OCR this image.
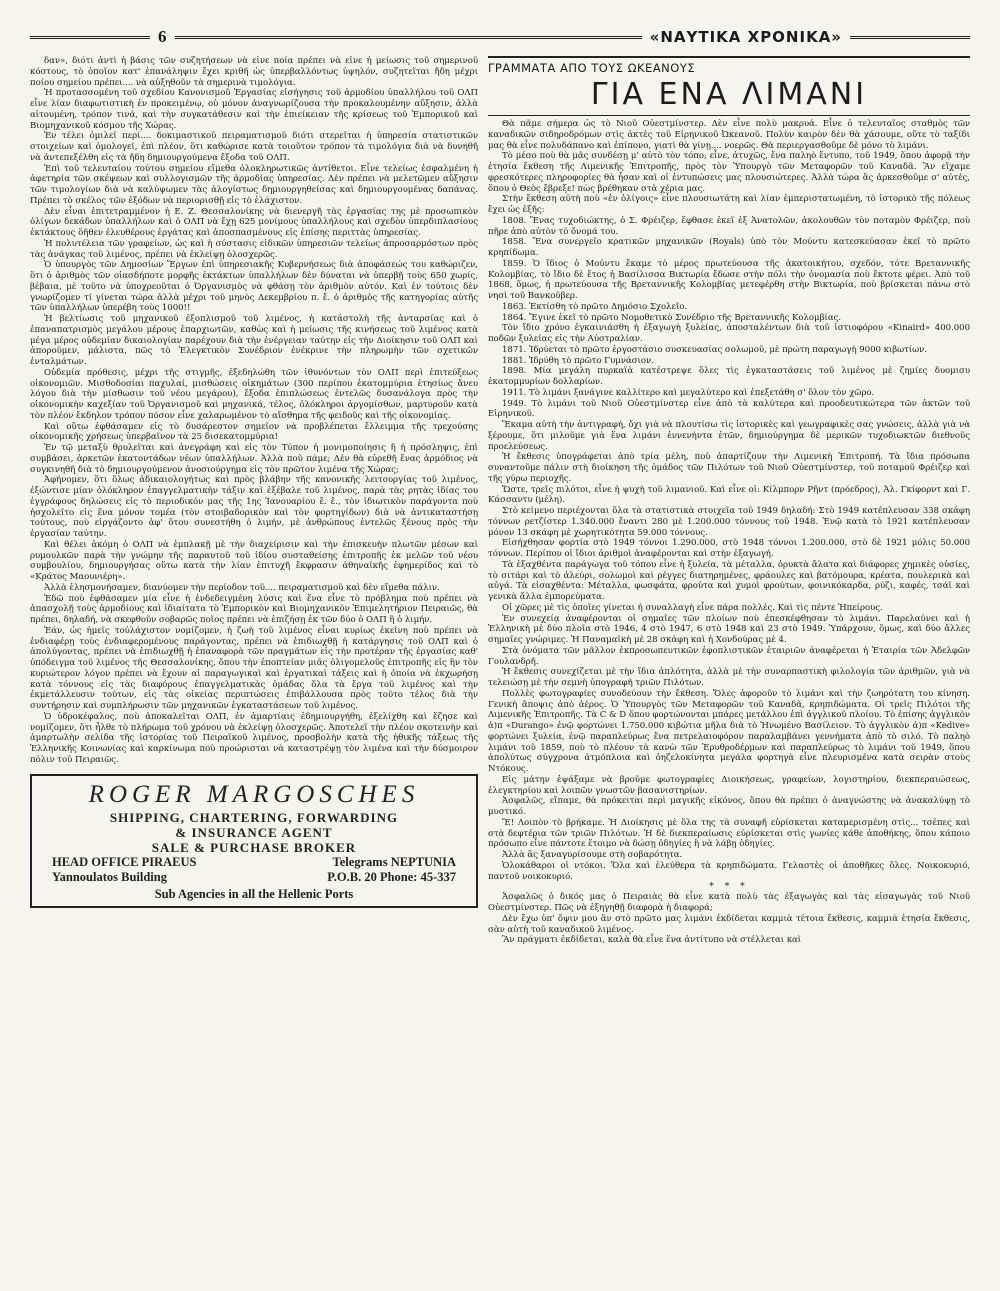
6	«ΝΑΥΤΙΚΑ ΧΡΟΝΙΚΑ»

δαν», διότι ἀντὶ ἡ βάσις τῶν συζητήσεων νὰ εἶνε ποία πρέπει νὰ εἶνε ἡ μείωσις τοῦ σημερινοῦ κόστους, τὸ ὁποῖον κατ' ἐπανάληψιν ἔχει κριθῆ ὡς ὑπερβαλλόντως ὑψηλόν, συζητεῖται ἤδη μέχρι ποίου σημείου πρέπει.... νὰ αὐξηθοῦν τὰ σημερινὰ τιμολόγια.

Ἡ προτασσομένη τοῦ σχεδίου Κανονισμοῦ Ἐργασίας εἰσήγησις τοῦ ἁρμοδίου ὑπαλλήλου τοῦ ΟΛΠ εἶνε λίαν διαφωτιστικὴ ἐν προκειμένῳ, οὐ μόνον ἀναγνωρίζουσα τὴν προκαλουμένην αὔξησιν, ἀλλὰ αἰτουμένη, τρόπον τινά, καὶ τὴν συγκατάθεσιν καὶ τὴν ἐπιείκειαν τῆς κρίσεως τοῦ Ἐμπορικοῦ καὶ Βιομηχανικοῦ κόσμου τῆς Χώρας.

Ἐν τέλει ὁμιλεῖ περί.... δοκιμαστικοῦ πειραματισμοῦ διότι στερεῖται ἡ ὑπηρεσία στατιστικῶν στοιχείων καὶ ὁμολογεῖ, ἐπὶ πλέον, ὅτι καθώρισε κατὰ τοιοῦτον τρόπον τὰ τιμολόγια διὰ νὰ δυνηθῆ νὰ ἀντεπεξέλθη εἰς τὰ ἤδη δημιουργούμενα ἔξοδα τοῦ ΟΛΠ.

Ἐπὶ τοῦ τελευταίου τούτου σημείου εἴμεθα ὁλοκληρωτικῶς ἀντίθετοι. Εἶνε τελείως ἐσφαλμένη ἡ ἀφετηρία τῶν σκέψεων καὶ συλλογισμῶν τῆς ἁρμοδίας ὑπηρεσίας. Δὲν πρέπει νὰ μελετῶμεν αὔξησιν τῶν τιμολογίων διὰ νὰ καλύψωμεν τὰς ἀλογίστως δημιουργηθείσας καὶ δημιουργουμένας δαπάνας. Πρέπει τὸ σκέλος τῶν ἐξόδων νὰ περιορισθῇ εἰς τὸ ἐλάχιστον.

Δὲν εἶναι ἐπιτετραμμένον ἡ Ε. Ζ. Θεσσαλονίκης νὰ διενεργῆ τὰς ἐργασίας της μὲ προσωπικὸν ὀλίγων δεκάδων ὑπαλλήλων καὶ ὁ ΟΛΠ νὰ ἔχῃ 625 μονίμους ὑπαλλήλους καὶ σχεδὸν ὑπερδιπλασίους ἐκτάκτους ὅῆθεν ἐλευθέρους ἐργάτας καὶ ἀποσπασμένους εἰς ἐπίσης περιττὰς ὑπηρεσίας.

Ἡ πολυτέλεια τῶν γραφείων, ὡς καὶ ἡ σύστασις εἰδικῶν ὑπηρεσιῶν τελείως ἀπροσαρμόστων πρὸς τὰς ἀνάγκας τοῦ λιμένος, πρέπει νὰ ἐκλείψῃ ὁλοσχερῶς.

Ὁ ὑπουργὸς τῶν Δημοσίων Ἔργων ἐπὶ ὑπηρεσιακῆς Κυβερνήσεως διὰ ἀποφάσεώς του καθώριζεν, ὅτι ὁ ἀριθμὸς τῶν οἱασδήποτε μορφῆς ἐκτάκτων ὑπαλλήλων δὲν δύναται νὰ ὑπερβῇ τοὺς 650 χωρίς, βέβαια, μὲ τοῦτο νὰ ὑποχρεοῦται ὁ Ὀργανισμὸς νὰ φθάσῃ τὸν ἀριθμὸν αὐτόν. Καὶ ἐν τούτοις δὲν γνωρίζομεν τί γίνεται τώρα ἀλλὰ μέχρι τοῦ μηνὸς Δεκεμβρίου π. ἔ. ὁ ἀριθμὸς τῆς κατηγορίας αὐτῆς τῶν ὑπαλλήλων ὑπερέβη τοὺς 1000!!

Ἡ βελτίωσις τοῦ μηχανικοῦ ἐξοπλισμοῦ τοῦ λιμένος, ἡ κατάστολὴ τῆς ἀνταρσίας καὶ ὁ ἐπαναπατρισμὸς μεγάλου μέρους ἐπαρχιωτῶν, καθὼς καὶ ἡ μείωσις τῆς κινήσεως τοῦ λιμένος κατὰ μέγα μέρος οὐδεμίαν δικαιολογίαν παρέχουν διὰ τὴν ἐνέργειαν ταύτην εἰς τὴν Διοίκησιν τοῦ ΟΛΠ καὶ ἀποροῦμεν, μάλιστα, πῶς τὸ Ἐλεγκτικὸν Συνέδριον ἐνέκρινε τὴν πληρωμὴν τῶν σχετικῶν ἐνταλμάτων.

Οὐδεμία πρόθεσις, μέχρι τῆς στιγμῆς, ἐξεδηλώθη τῶν ἰθυνόντων τὸν ΟΛΠ περὶ ἐπιτεύξεως οἰκονομιῶν. Μισθοδοσίαι παχυλαί, μισθώσεις οἰκημάτων (300 περίπου ἑκατομμύρια ἐτησίως ἄνευ λόγου διὰ τὴν μίσθωσιν τοῦ νέου μεγάρου), ἔξοδα ἐπιπλώσεως ἐντελῶς δυσανάλογα πρὸς τὴν οἰκονομικὴν καχεξίαν τοῦ Ὀργανισμοῦ καὶ μηχανικά, τέλος, ὁλόκληροι ἀργομίσθων, μαρτυροῦν κατὰ τὸν πλέον ἔκδηλον τρόπον πόσον εἶνε χαλαρωμένον τὸ αἴσθημα τῆς φειδοῦς καὶ τῆς οἰκονομίας.

Καὶ οὕτω ἐφθάσαμεν εἰς τὸ δυσάρεστον σημεῖον νὰ προβλέπεται ἔλλειμμα τῆς τρεχούσης οἰκονομικῆς χρήσεως ὑπερβαῖνον τὰ 25 δισεκατομμύρια!

Ἐν τῷ μεταξὺ θρυλεῖται καὶ ἀνεγράφη καὶ εἰς τὸν Τύπον ἡ μονιμοποίησις ἢ ἡ πρόσληψις, ἐπὶ συμβάσει, ἀρκετῶν ἑκατοντάδων νέων ὑπαλλήλων. Ἀλλὰ ποῦ πάμε; Δὲν θὰ εὑρεθῆ ἕνας ἁρμόδιος νὰ συγκινηθῆ διὰ τὸ δημιουργούμενον ἀνοσιούργημα εἰς τὸν πρῶτον λιμένα τῆς Χώρας;

Ἀφήνομεν, ὅτι ὅλως ἀδικαιολογήτως καὶ πρὸς βλάβην τῆς κανονικῆς λειτουργίας τοῦ λιμένος, ἐξώντισε μίαν ὁλόκληρον ἐπαγγελματικὴν τάξιν καὶ ἐξέβαλε τοῦ λιμένος, παρὰ τὰς ρητὰς ἰδίας του ἐγγράφους δηλώσεις εἰς τὸ περιοδικόν μας τῆς 1ης Ἰανουαρίου ἔ. ἔ., τὸν ἰδιωτικὸν παράγοντα ποὺ ἠσχολεῖτο εἰς ἕνα μόνον τομέα (τὸν στοιβαδορικὸν καὶ τὸν φορτηγίδων) διὰ νὰ ἀντικαταστήσῃ τούτους, ποὺ εἰργάζοντο ἀφ' ὅτου συνεστήθη ὁ λιμήν, μὲ ἀνθρώπους ἐντελῶς ξένους πρὸς τὴν ἐργασίαν ταύτην.

Καὶ θέλει ἀκόμη ὁ ΟΛΠ νὰ ἐμπλακῇ μὲ τὴν διαχείρισιν καὶ τὴν ἐπισκευὴν πλωτῶν μέσων καὶ ρυμουλκῶν παρὰ τὴν γνώμην τῆς παραυτοῦ τοῦ ἰδίου συσταθείσης ἐπιτροπῆς ἐκ μελῶν τοῦ νέου συμβουλίου, δημιουργήσας οὕτω κατὰ τὴν λίαν ἐπιτυχῆ ἔκφρασιν ἀθηναϊκῆς ἐφημερίδος καὶ τὸ «Κράτος Μαουνιέρη».

Ἀλλὰ ἐλησμονήσαμεν, διανύομεν τὴν περίοδον τοῦ.... πειραματισμοῦ καὶ δὲν εἴμεθα πάλιν.

Ἐδῶ ποὺ ἐφθάσαμεν μία εἶνε ἡ ἐνδεδειγμένη λύσις καὶ ἕνα εἶνε τὸ πρόβλημα ποὺ πρέπει νὰ ἀπασχολῇ τοὺς ἁρμοδίους καὶ ἰδιαίτατα τὸ Ἐμπορικὸν καὶ Βιομηχανικὸν Ἐπιμελητήριον Πειραιῶς, θὰ πρέπει, δηλαδή, νὰ σκεφθοῦν σοβαρῶς ποῖος πρέπει νὰ ἐπιζήσῃ ἐκ τῶν δύο ὁ ΟΛΠ ἢ ὁ λιμήν.

Ἐάν, ὡς ἡμεῖς τοὐλάχιστον νομίζομεν, ἡ ζωὴ τοῦ λιμένος εἶναι κυρίως ἐκεῖνη ποὺ πρέπει νὰ ἐνδιαφέρῃ τοὺς ἐνδιαφερομένους παράγοντας, πρέπει νὰ ἐπιδιωχθῇ ἡ κατάργησις τοῦ ΟΛΠ καὶ ὁ ἀπολύγοντας, πρέπει νὰ ἐπιδιωχθῇ ἡ ἐπαναφορὰ τῶν πραγμάτων εἰς τὴν προτέραν τῆς ἐργασίας καθ' ὑπόδειγμα τοῦ λιμένος τῆς Θεσσαλονίκης, ὅπου τὴν ἐποπτείαν μιᾶς ὀλιγομελοῦς ἐπιτροπῆς εἰς ἣν τὸν κυριώτερον λόγον πρέπει νὰ ἔχουν αἱ παραγωγικαὶ καὶ ἐργατικαὶ τάξεις καὶ ἡ ὁποία νὰ ἐκχωρήσῃ κατὰ τόννους εἰς τὰς διαφόρους ἐπαγγελματικὰς ὁμάδας ὅλα τὰ ἔργα τοῦ λιμένος καὶ τὴν ἐκμετάλλευσιν τούτων, εἰς τὰς οἰκείας περιπτώσεις ἐπιβάλλουσα πρὸς τοῦτο τέλος διὰ τὴν συντήρησιν καὶ συμπλήρωσιν τῶν μηχανικῶν ἐγκαταστάσεων τοῦ λιμένος.

Ὁ ὑδροκέφαλος, ποὺ ἀποκαλεῖται ΟΛΠ, ἐν ἁμαρτίαις ἐδημιουργήθη, ἐξελίχθη καὶ ἔζησε καὶ νομίζομεν, ὅτι ἦλθε τὸ πλήρωμα τοῦ χρόνου νὰ ἐκλείψῃ ὁλοσχερῶς. Ἀποτελεῖ τὴν πλέον σκοτεινὴν καὶ ἀμαρτωλὴν σελίδα τῆς ἱστορίας τοῦ Πειραϊκοῦ λιμένος, προσβολὴν κατὰ τῆς ἠθικῆς τάξεως τῆς Ἑλληνικῆς Κοινωνίας καὶ καρκίνωμα ποὺ προώρισται νὰ καταστρέψῃ τὸν λιμένα καὶ τὴν δύσμοιρον πόλιν τοῦ Πειραιῶς.

ROGER MARGOSCHES

SHIPPING, CHARTERING, FORWARDING

& INSURANCE AGENT

SALE & PURCHASE BROKER

HEAD OFFICE PIRAEUS	Telegrams NEPTUNIA
Yannoulatos Building	P.O.B. 20 Phone: 45-337

Sub Agencies in all the Hellenic Ports

ΓΡΑΜΜΑΤΑ ΑΠΟ ΤΟΥΣ ΩΚΕΑΝΟΥΣ

ΓΙΑ ΕΝΑ ΛΙΜΑΝΙ

Θὰ πᾶμε σήμερα ὡς τὸ Νιοῦ Οὐεστμίνστερ. Δὲν εἶνε πολὺ μακρυά. Εἶνε ὁ τελευταῖος σταθμὸς τῶν καναδικῶν σιδηροδρόμων στὶς ἀκτὲς τοῦ Εἰρηνικοῦ Ὠκεανοῦ. Πολὺν καιρὸν δὲν θὰ χάσουμε, οὔτε τὸ ταξίδι μας θὰ εἶνε πολυδάπανο καὶ ἐπίπονο, γιατὶ θὰ γίνῃ.... νοερῶς. Θὰ περιεργασθοῦμε δὲ μόνο τὸ λιμάνι.

Τὸ μέσο ποὺ θὰ μᾶς συνδέσῃ μ' αὐτὸ τὸν τόπο, εἶνε, ἀτυχῶς, ἕνα παληὸ ἔντυπο, τοῦ 1949, ὅπου ἀφορᾷ τὴν ἐτησία ἔκθεση τῆς Λιμενικῆς Ἐπιτροπῆς, πρὸς τὸν Ὑπουργὸ τῶν Μεταφορῶν τοῦ Καναδᾶ. Ἂν εἴχαμε φρεσκότερες πληροφορίες θὰ ἦσαν καὶ οἱ ἐντυπώσεις μας πλουσιώτερες. Ἀλλὰ τώρα ἂς ἀρκεσθοῦμε σ' αὐτές, ὅπου ὁ Θεὸς ἔβρεξε! πὼς βρέθηκαν στὰ χέρια μας.

Στὴν ἔκθεση αὐτὴ ποὺ «ἐν ὀλίγοις» εἶνε πλουσιωτάτη καὶ λίαν ἐμπεριστατωμένη, τὸ ἱστορικὸ τῆς πόλεως ἔχει ὡς ἑξῆς:

1808. Ἕνας τυχοδιώκτης, ὁ Σ. Φρέιζερ, ἔφθασε ἐκεῖ ἐξ Ἀνατολῶν, ἀκολουθῶν τὸν ποταμὸν Φρέιζερ, ποὺ πῆρε ἀπὸ αὐτὸν τὸ ὄνομά του.

1858. Ἕνα συνεργεῖο κρατικῶν μηχανικῶν (Royals) ὑπὸ τὸν Μούντυ κατεσκεύασαν ἐκεῖ τὸ πρῶτο κρηπίδωμα.

1859. Ὁ ἴδιος ὁ Μούντυ ἔκαμε τὸ μέρος πρωτεύουσα τῆς ἀκατοικήτου, σχεδόν, τότε Βρεταννικῆς Κολομβίας, τὸ ἴδιο δὲ ἔτος ἡ Βασίλισσα Βικτωρία ἔδωσε στὴν πόλι τὴν ὀνομασία ποὺ ἔκτοτε φέρει. Ἀπὸ τοῦ 1868, ὅμως, ἡ πρωτεύουσα τῆς Βρεταννικῆς Κολομβίας μετεφέρθη στὴν Βικτωρία, ποὺ βρίσκεται πάνω στὸ νησὶ τοῦ Βανκοῦβερ.

1863. Ἐκτίσθη τὸ πρῶτο Δημόσιο Σχολεῖο.

1864. Ἔγινε ἐκεῖ τὸ πρῶτο Νομοθετικὸ Συνέδριο τῆς Βρεταννικῆς Κολομβίας.

Τὸν ἴδιο χρόνο ἐγκαινιάσθη ἡ ἐξαγωγὴ ξυλείας, ἀποσταλέντων διὰ τοῦ ἱστιοφόρου «Kinaird» 400.000 ποδῶν ξυλείας εἰς τὴν Αὐστραλίαν.

1871. Ἱδρύεται τὸ πρῶτο ἐργοστάσιο συσκευασίας σολωμοῦ, μὲ πρώτη παραγωγὴ 9000 κιβωτίων.

1881. Ἱδρύθη τὸ πρῶτο Γυμνάσιον.

1898. Μία μεγάλη πυρκαϊὰ κατέστρεψε ὅλες τὶς ἐγκαταστάσεις τοῦ λιμένος μὲ ζημίες δυομισυ ἑκατομμυρίων δολλαρίων.

1911. Τὸ λιμάνι ξανάγινε καλλίτερο καὶ μεγαλύτερο καὶ ἐπεξετάθη σ' ὅλον τὸν χῶρο.

1949. Τὸ λιμάνι τοῦ Νιοῦ Οὐεστμίνστερ εἶνε ἀπὸ τὰ καλύτερα καὶ προοδευτικώτερα τῶν ἀκτῶν τοῦ Εἰρηνικοῦ.

Ἔκαμα αὐτὴ τὴν ἀντιγραφή, ὄχι γιὰ νὰ πλουτίσω τὶς ἱστορικὲς καὶ γεωγραφικὲς σας γνώσεις, ἀλλὰ γιὰ νὰ ξέρουμε, ὅτι μιλοῦμε γιὰ ἕνα λιμάνι ἐννενήντα ἐτῶν, δημιούργημα δὲ μερικῶν τυχοδιωκτῶν διεθνοῦς προελεύσεως.

Ἡ ἔκθεσις ὑπογράφεται ἀπὸ τρία μέλη, ποὺ ἀπαρτίζουν τὴν Λιμενικὴ Ἐπιτροπή. Τὰ ἴδια πρόσωπα συναντοῦμε πάλιν στὴ διοίκηση τῆς ὁμάδος τῶν Πιλότων τοῦ Νιοῦ Οὐεστμίνστερ, τοῦ ποταμοῦ Φρέιζερ καὶ τῆς γύρω περιοχῆς.

Ὥστε, τρεῖς πιλότοι, εἶνε ἡ ψυχὴ τοῦ λιμανιοῦ. Καὶ εἶνε οἱ: Κίλμπορν Ρῆντ (πρόεδρος), Ἀλ. Γκίφορντ καὶ Γ. Κάσσαντυ (μέλη).

Στὸ κείμενο περιέχονται ὅλα τὰ στατιστικὰ στοιχεῖα τοῦ 1949 δηλαδή: Στὸ 1949 κατέπλευσαν 338 σκάφη τόννων ρετζίστερ 1.340.000 ἔναντι 280 μὲ 1.200.000 τόννους τοῦ 1948. Ἐνῷ κατὰ τὸ 1921 κατέπλευσαν μόνον 13 σκάφη μὲ χωρητικότητα 59.000 τόννους.

Εἰσήχθησαν φορτία στὸ 1949 τόννοι 1.290.000, στὸ 1948 τόννοι 1.200.000, στὸ δὲ 1921 μόλις 50.000 τόννων. Περίπου οἱ ἴδιοι ἀριθμοὶ ἀναφέρονται καὶ στὴν ἐξαγωγή.

Τὰ ἐξαχθέντα παράγωγα τοῦ τόπου εἶνε ἡ ξυλεία, τὰ μέταλλα, ὀρυκτὰ ἄλατα καὶ διάφορες χημικὲς οὐσίες, τὸ σιτάρι καὶ τὸ ἀλεύρι, σολωμοὶ καὶ ρέγγες διατηρημένες, φράουλες καὶ βατόμουρα, κρέατα, πουλερικὰ καὶ αὐγά. Τὰ εἰσαχθέντα: Μέταλλα, φωσφάτα, φρούτα καὶ χυμοὶ φρούτων, φοινικόκαρδα, ρύζι, καφές, τσάϊ καὶ γενικὰ ἄλλα ἐμπορεύματα.

Οἱ χῶρες μὲ τὶς ὁποῖες γίνεται ἡ συναλλαγὴ εἶνε πάρα πολλές. Καὶ τὶς πέντε Ἠπείρους.

Ἐν συνεχείᾳ ἀναφέρονται οἱ σημαῖες τῶν πλοίων ποὺ ἐπεσκέφθησαν τὸ λιμάνι. Παρελαύνει καὶ ἡ Ἑλληνικὴ μὲ δύο πλοῖα στὸ 1946, 4 στὸ 1947, 6 στὸ 1948 καὶ 23 στὸ 1949. Ὑπάρχουν, ὅμως, καὶ δύο ἄλλες σημαῖες γνώριμες. Ἡ Παναμαϊκὴ μὲ 28 σκάφη καὶ ἡ Χονδούρας μὲ 4.

Στὰ ὀνόματα τῶν μᾶλλον ἐκπροσωπευτικῶν ἐφοπλιστικῶν ἑταιριῶν ἀναφέρεται ἡ Ἑταιρία τῶν Ἀδελφῶν Γουλανδρῆ.

Ἡ ἔκθεσις συνεχίζεται μὲ τὴν ἴδια ἁπλότητα, ἀλλὰ μὲ τὴν συναρπαστικὴ φιλολογία τῶν ἀριθμῶν, γιὰ νὰ τελειώσῃ μὲ τὴν σεμνὴ ὑπογραφὴ τριῶν Πιλότων.

Πολλὲς φωτογραφίες συνοδεύουν τὴν ἔκθεση. Ὅλες ἀφοροῦν τὸ λιμάνι καὶ τὴν ζωηρότατη του κίνηση. Γενικὴ ἄποψις ἀπὸ ἀέρος. Ὁ Ὑπουργὸς τῶν Μεταφορῶν τοῦ Καναδᾶ, κρηπιδώματα. Οἱ τρεῖς Πιλότοι τῆς Λιμενικῆς Ἐπιτροπῆς. Τὰ C & D ὅπου φορτώνονται μπάρες μετάλλου ἐπὶ ἀγγλικοῦ πλοίου. Τὸ ἐπίσης ἀγγλικὸν ἀ)π «Durango» ἐνῷ φορτώνει 1.750.000 κιβώτια μῆλα διὰ τὸ Ἡνωμένο Βασίλειον. Τὸ ἀγγλικὸν ἀ)π «Kedive» φορτώνει ξυλεία, ἐνῷ παραπλεύρως ἕνα πετρελαιοφόρον παραλαμβάνει γεννήματα ἀπὸ τὸ σιλό. Τὸ παληὸ λιμάνι τοῦ 1859, ποὺ τὸ πλέουν τὰ κανὼ τῶν Ἐρυθροδέρμων καὶ παραπλεύρως τὸ λιμάνι τοῦ 1949, ὅπου ἀπολύτως σύγχρονα ἀτμόπλοια καὶ ὀηζελοκίνητα μεγάλα φορτηγὰ εἶνε πλευρισμένα κατὰ σειρὰν στοὺς Ντόκους.

Εἰς μάτην ἐψάξαμε νὰ βροῦμε φωτογραφίες Διοικήσεως, γραφείων, λογιστηρίου, διεκπεραιώσεως, ἐλεγκτηρίου καὶ λοιπῶν γνωστῶν βασανιστηρίων.

Ἀσφαλῶς, εἴπαμε, θὰ πρόκειται περὶ μαγικῆς εἰκόνος, ὅπου θὰ πρέπει ὁ ἀναγνώστης νὰ ἀνακαλύψῃ τὸ μυστικό.

Ἔ! Λοιπὸν τὸ βρήκαμε. Ἡ Διοίκησις μὲ ὅλα της τὰ συναφῆ εὑρίσκεται καταμερισμένη στὶς... τσέπες καὶ στὰ δεφτέρια τῶν τριῶν Πιλότων. Ἡ δὲ διεκπεραίωσις εὑρίσκεται στὶς γωνίες κάθε ἀποθήκης, ὅπου κάποιο πρόσωπο εἶνε πάντοτε ἕτοιμο νὰ δώσῃ ὁδηγίες ἢ νὰ λάβῃ ὁδηγίες.

Ἀλλὰ ἃς ξαναγυρίσουμε στὴ σοβαρότητα.

Ὁλοκάθαροι οἱ ντόκοι. Ὅλα καὶ ἐλεύθερα τὰ κρηπιδώματα. Γελαστὲς οἱ ἀποθῆκες ὅλες. Νοικοκυριό, παντοῦ νοικοκυριό.

* * *

Ἀσφαλῶς ὁ δικός μας ὁ Πειραιὰς θὰ εἶνε κατὰ πολὺ τὰς ἐξαγωγὰς καὶ τὰς εἰσαγωγὰς τοῦ Νιοῦ Οὐεστμίνστερ. Πῶς νὰ ἐξηγηθῇ διαφορὰ ἡ διαφορά;

Δὲν ἔχω ὑπ' ὄψιν μου ἂν στὸ πρῶτο μας λιμάνι ἐκδίδεται καμμιὰ τέτοια ἔκθεσις, καμμιὰ ἐτησία ἔκθεσις, σὰν αὐτὴ τοῦ καναδικοῦ λιμένος.

Ἂν πράγματι ἐκδίδεται, καλὰ θὰ εἶνε ἕνα ἀντίτυπο νὰ στέλλεται καὶ
